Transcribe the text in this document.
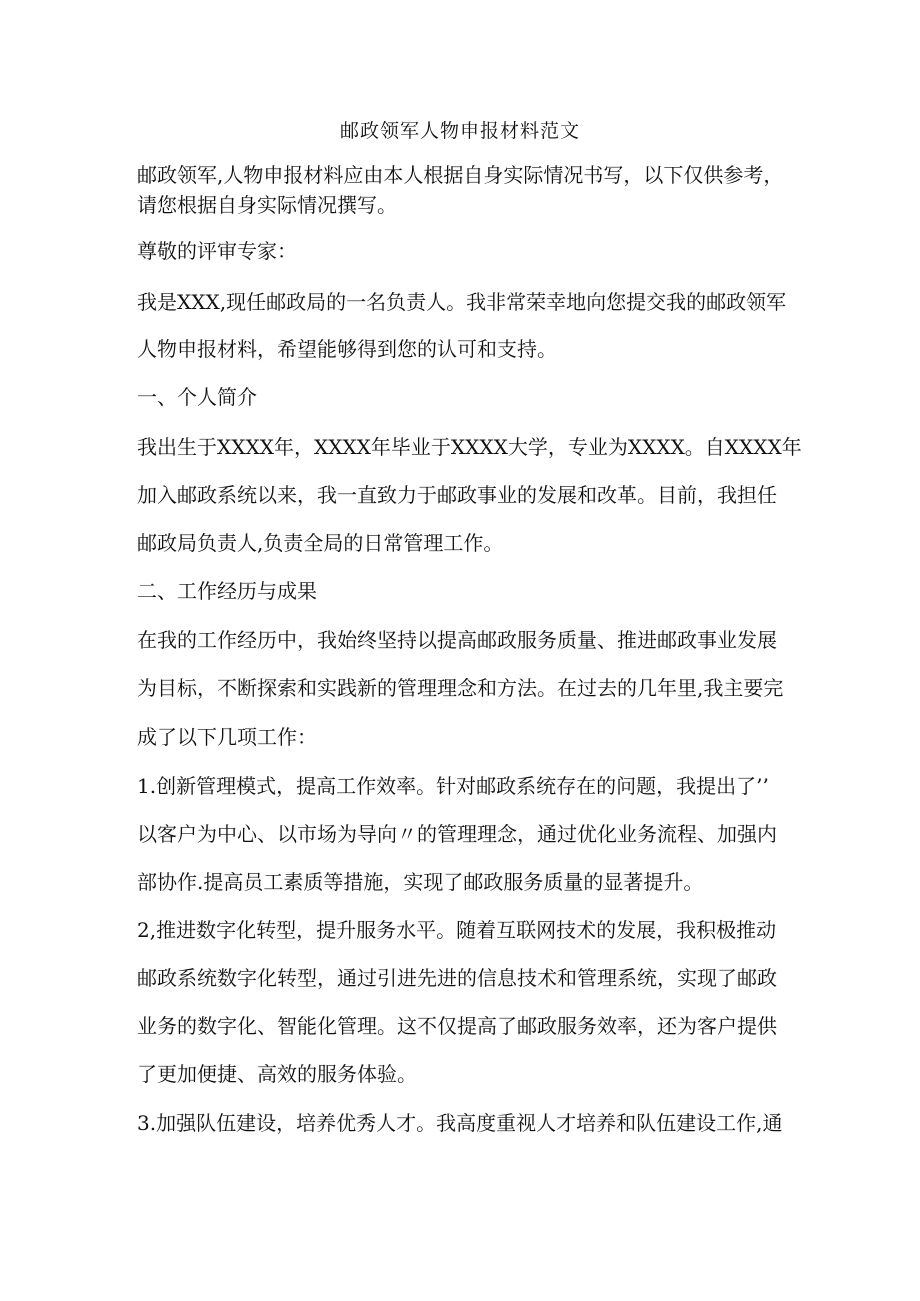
邮政领军人物申报材料范文
邮政领军,人物申报材料应由本人根据自身实际情况书写，以下仅供参考，请您根据自身实际情况撰写。
尊敬的评审专家：
我是XXX,现任邮政局的一名负责人。我非常荣幸地向您提交我的邮政领军
人物申报材料，希望能够得到您的认可和支持。
一、个人简介
我出生于XXXX年，XXXX年毕业于XXXX大学，专业为XXXX。自XXXX年
加入邮政系统以来，我一直致力于邮政事业的发展和改革。目前，我担任
邮政局负责人,负责全局的日常管理工作。
二、工作经历与成果
在我的工作经历中，我始终坚持以提高邮政服务质量、推进邮政事业发展
为目标，不断探索和实践新的管理理念和方法。在过去的几年里,我主要完
成了以下几项工作：
1.创新管理模式，提高工作效率。针对邮政系统存在的问题，我提出了’’
以客户为中心、以市场为导向〃的管理理念，通过优化业务流程、加强内
部协作.提高员工素质等措施，实现了邮政服务质量的显著提升。
2,推进数字化转型，提升服务水平。随着互联网技术的发展，我积极推动
邮政系统数字化转型，通过引进先进的信息技术和管理系统，实现了邮政
业务的数字化、智能化管理。这不仅提高了邮政服务效率，还为客户提供
了更加便捷、高效的服务体验。
3.加强队伍建设，培养优秀人才。我高度重视人才培养和队伍建设工作,通
